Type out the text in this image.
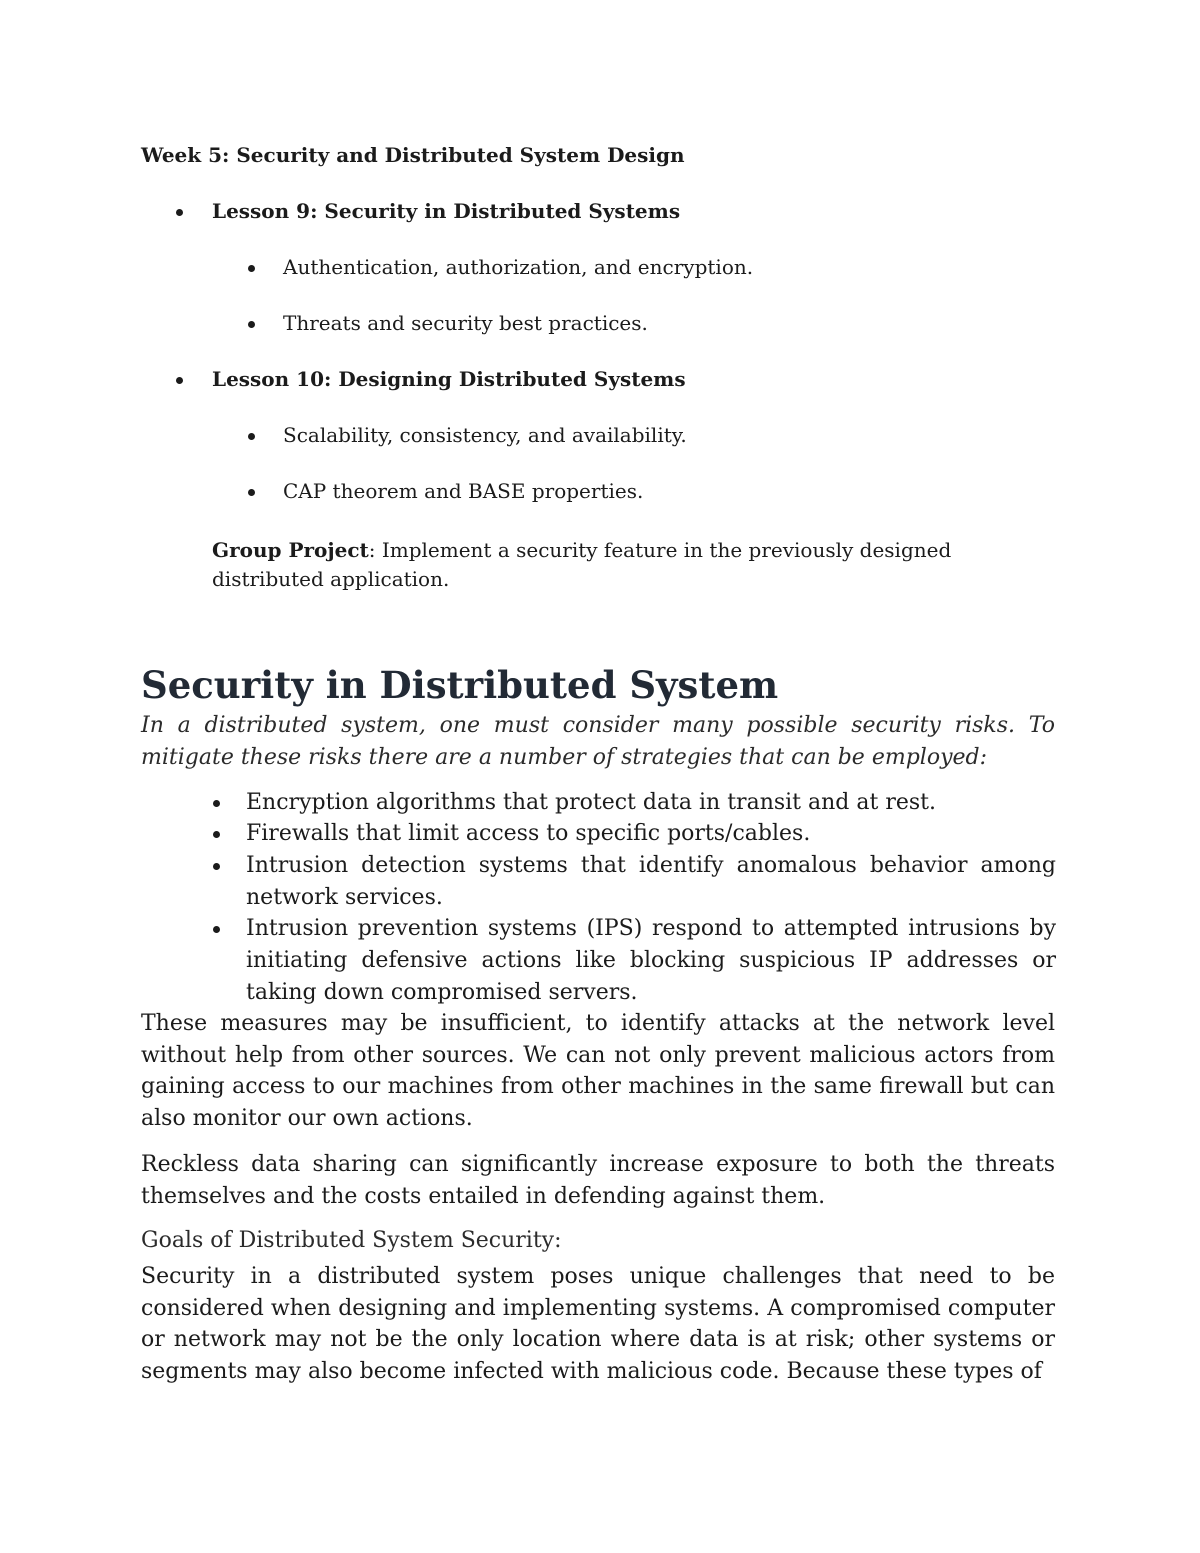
Week 5: Security and Distributed System Design
Lesson 9: Security in Distributed Systems
Authentication, authorization, and encryption.
Threats and security best practices.
Lesson 10: Designing Distributed Systems
Scalability, consistency, and availability.
CAP theorem and BASE properties.
Group Project: Implement a security feature in the previously designed distributed application.
Security in Distributed System
In a distributed system, one must consider many possible security risks. To mitigate these risks there are a number of strategies that can be employed:
Encryption algorithms that protect data in transit and at rest.
Firewalls that limit access to specific ports/cables.
Intrusion detection systems that identify anomalous behavior among network services.
Intrusion prevention systems (IPS) respond to attempted intrusions by initiating defensive actions like blocking suspicious IP addresses or taking down compromised servers.
These measures may be insufficient, to identify attacks at the network level without help from other sources. We can not only prevent malicious actors from gaining access to our machines from other machines in the same firewall but can also monitor our own actions.
Reckless data sharing can significantly increase exposure to both the threats themselves and the costs entailed in defending against them.
Goals of Distributed System Security:
Security in a distributed system poses unique challenges that need to be considered when designing and implementing systems. A compromised computer or network may not be the only location where data is at risk; other systems or segments may also become infected with malicious code. Because these types of
